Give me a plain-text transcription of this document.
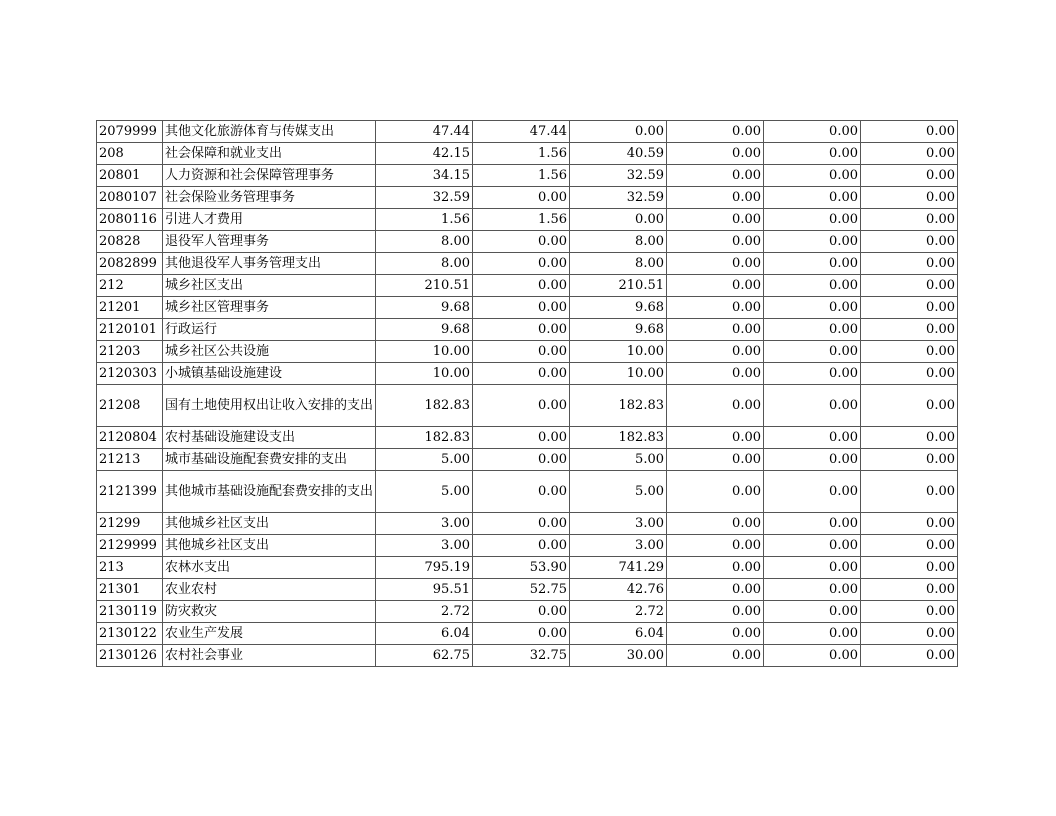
2079999	其他文化旅游体育与传媒支出	47.44	47.44	0.00	0.00	0.00	0.00
208	社会保障和就业支出	42.15	1.56	40.59	0.00	0.00	0.00
20801	人力资源和社会保障管理事务	34.15	1.56	32.59	0.00	0.00	0.00
2080107	社会保险业务管理事务	32.59	0.00	32.59	0.00	0.00	0.00
2080116	引进人才费用	1.56	1.56	0.00	0.00	0.00	0.00
20828	退役军人管理事务	8.00	0.00	8.00	0.00	0.00	0.00
2082899	其他退役军人事务管理支出	8.00	0.00	8.00	0.00	0.00	0.00
212	城乡社区支出	210.51	0.00	210.51	0.00	0.00	0.00
21201	城乡社区管理事务	9.68	0.00	9.68	0.00	0.00	0.00
2120101	行政运行	9.68	0.00	9.68	0.00	0.00	0.00
21203	城乡社区公共设施	10.00	0.00	10.00	0.00	0.00	0.00
2120303	小城镇基础设施建设	10.00	0.00	10.00	0.00	0.00	0.00
21208	国有土地使用权出让收入安排的支出	182.83	0.00	182.83	0.00	0.00	0.00
2120804	农村基础设施建设支出	182.83	0.00	182.83	0.00	0.00	0.00
21213	城市基础设施配套费安排的支出	5.00	0.00	5.00	0.00	0.00	0.00
2121399	其他城市基础设施配套费安排的支出	5.00	0.00	5.00	0.00	0.00	0.00
21299	其他城乡社区支出	3.00	0.00	3.00	0.00	0.00	0.00
2129999	其他城乡社区支出	3.00	0.00	3.00	0.00	0.00	0.00
213	农林水支出	795.19	53.90	741.29	0.00	0.00	0.00
21301	农业农村	95.51	52.75	42.76	0.00	0.00	0.00
2130119	防灾救灾	2.72	0.00	2.72	0.00	0.00	0.00
2130122	农业生产发展	6.04	0.00	6.04	0.00	0.00	0.00
2130126	农村社会事业	62.75	32.75	30.00	0.00	0.00	0.00
